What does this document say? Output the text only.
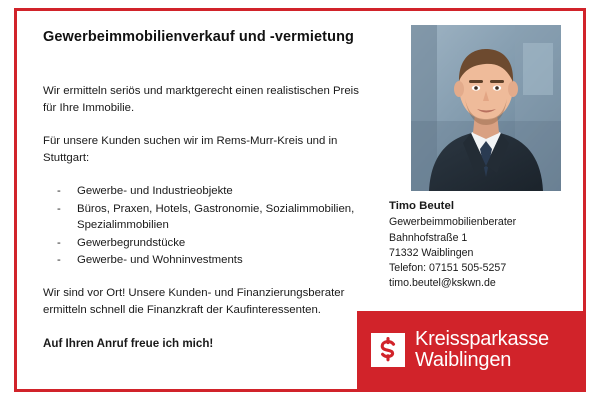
Gewerbeimmobilienverkauf und -vermietung

Wir ermitteln seriös und marktgerecht einen realistischen Preis für Ihre Immobilie.

Für unsere Kunden suchen wir im Rems-Murr-Kreis und in Stuttgart:

- Gewerbe- und Industrieobjekte
- Büros, Praxen, Hotels, Gastronomie, Sozialimmobilien, Spezialimmobilien
- Gewerbegrundstücke
- Gewerbe- und Wohninvestments

Wir sind vor Ort! Unsere Kunden- und Finanzierungsberater ermitteln schnell die Finanzkraft der Kaufinteressenten.

Auf Ihren Anruf freue ich mich!

Timo Beutel
Gewerbeimmobilienberater
Bahnhofstraße 1
71332 Waiblingen
Telefon: 07151 505-5257
timo.beutel@kskwn.de
Kreissparkasse
Waiblingen
